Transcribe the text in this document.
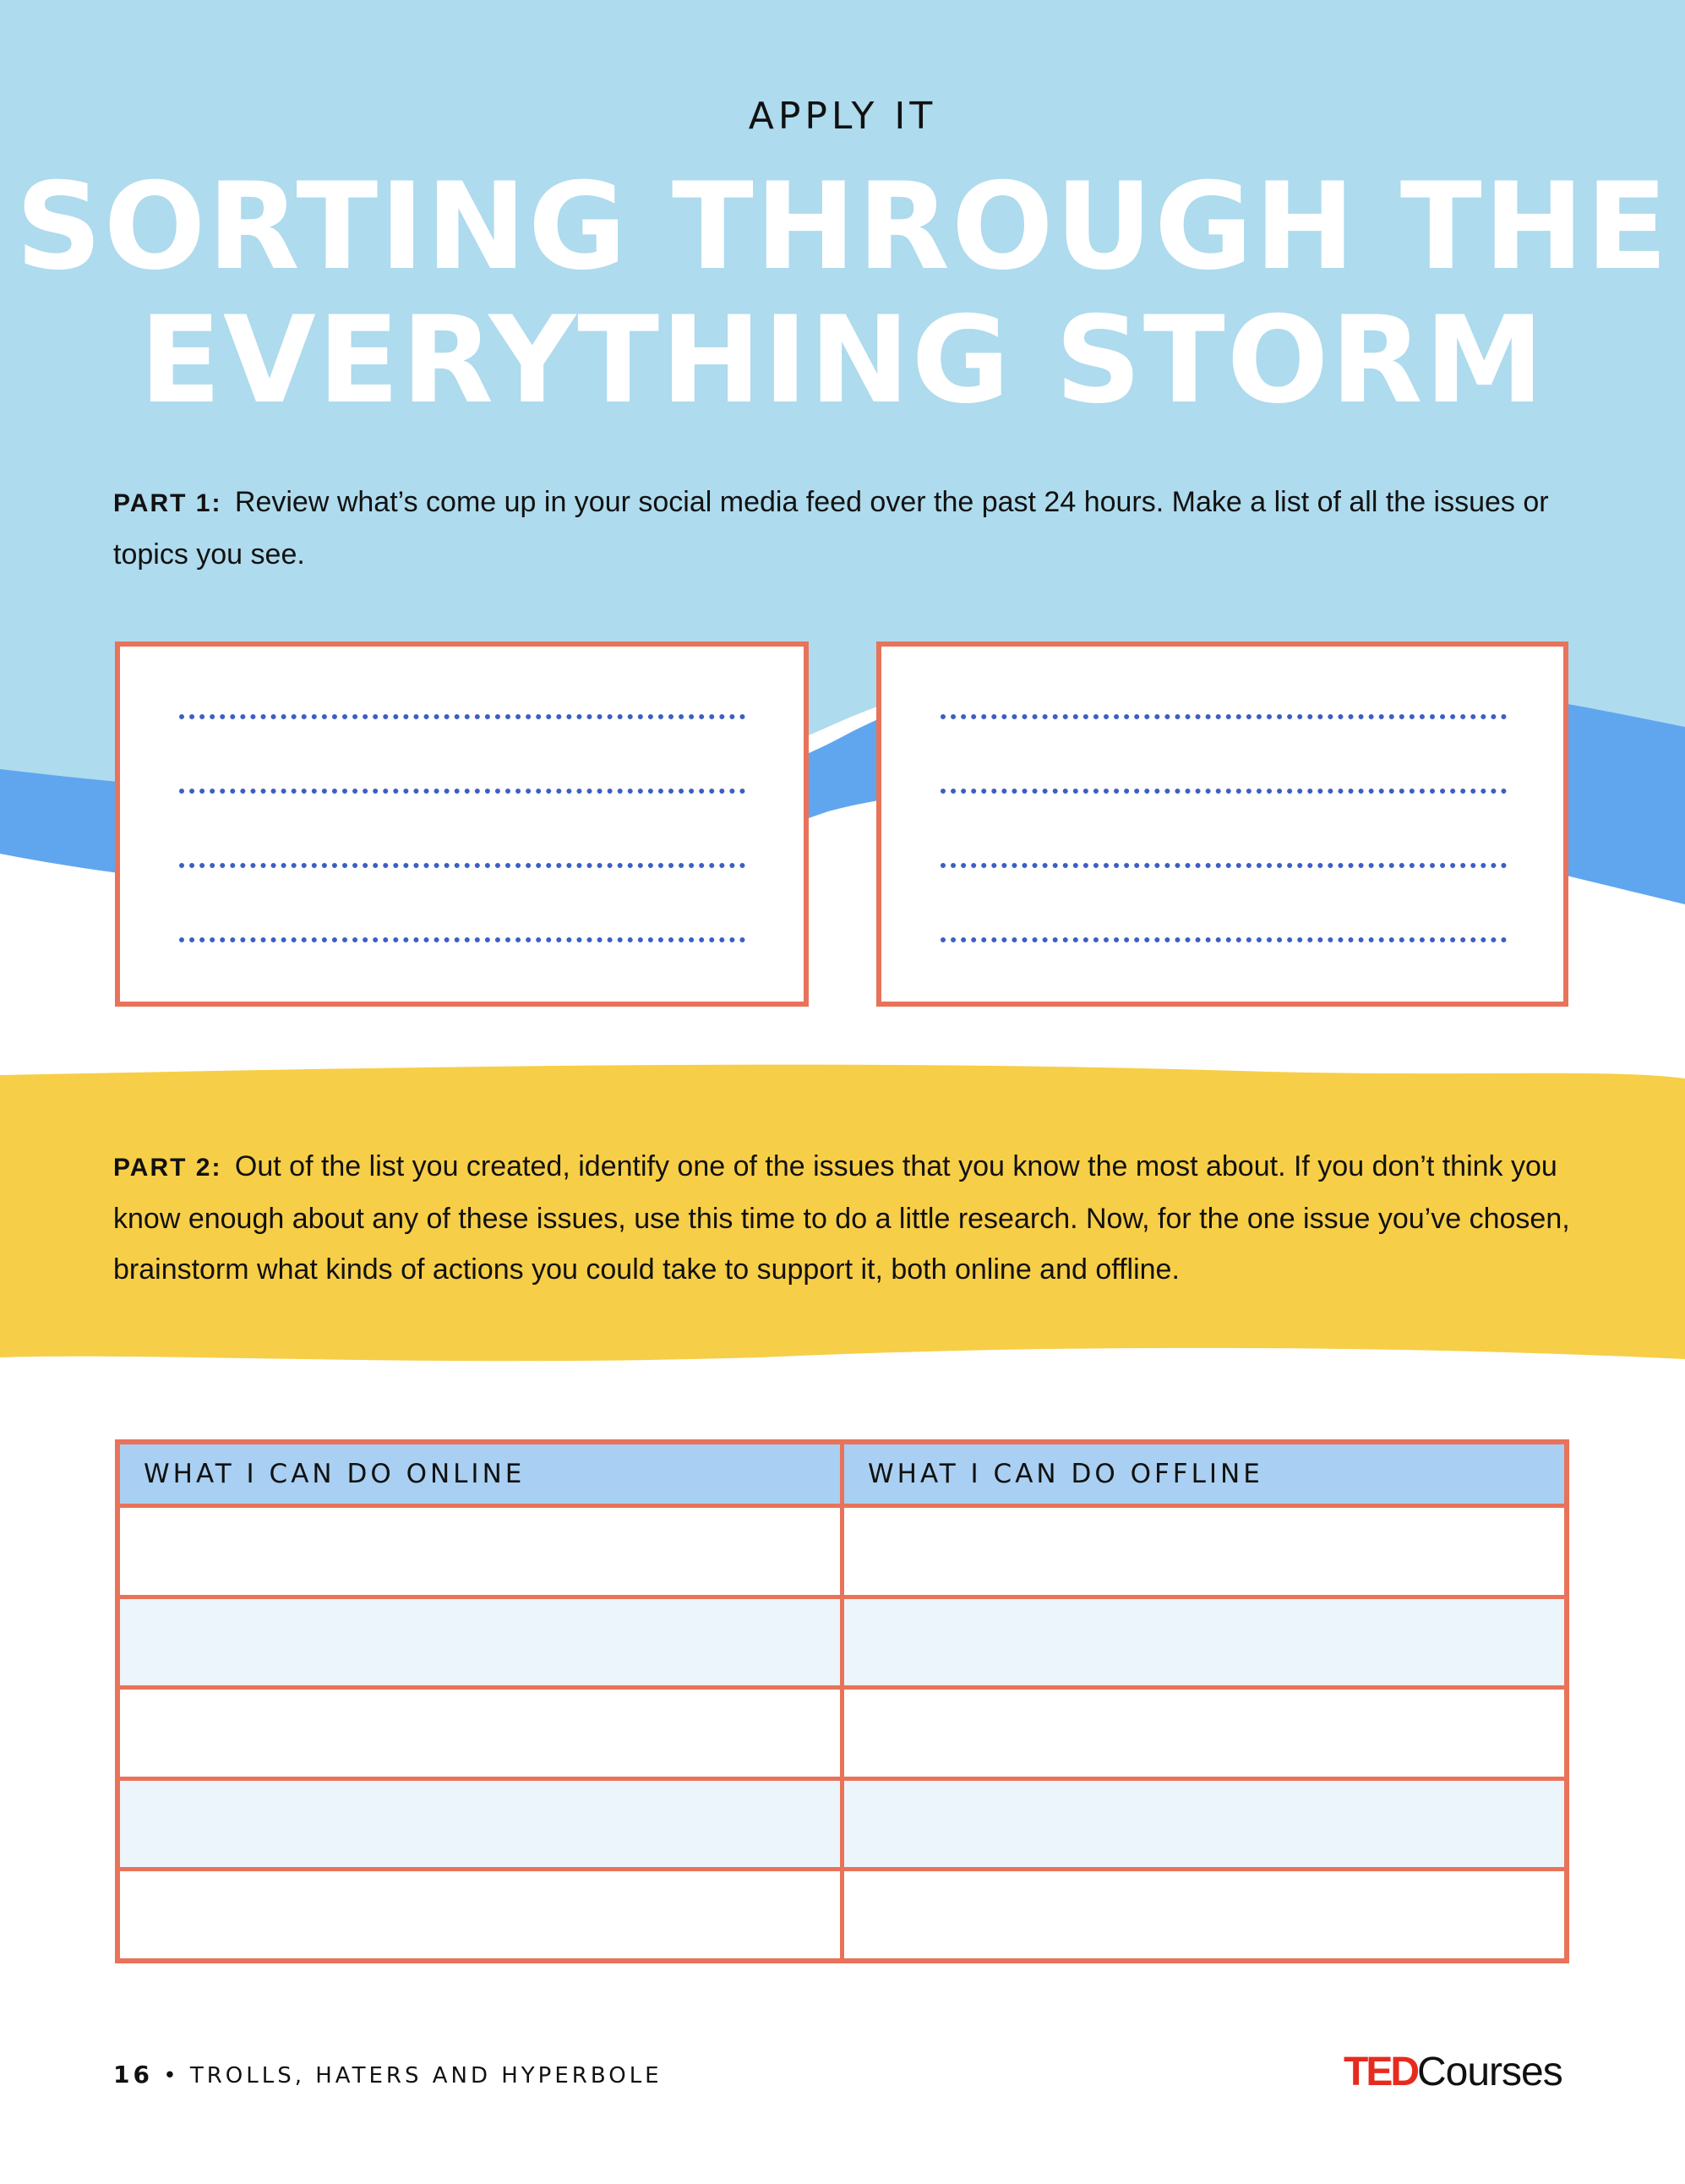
APPLY IT
SORTING THROUGH THE
EVERYTHING STORM
PART 1: Review what’s come up in your social media feed over the past 24 hours. Make a list of all the issues or topics you see.
PART 2: Out of the list you created, identify one of the issues that you know the most about. If you don’t think you know enough about any of these issues, use this time to do a little research. Now, for the one issue you’ve chosen, brainstorm what kinds of actions you could take to support it, both online and offline.
WHAT I CAN DO ONLINE	WHAT I CAN DO OFFLINE

16 • TROLLS, HATERS AND HYPERBOLE	TEDCourses
